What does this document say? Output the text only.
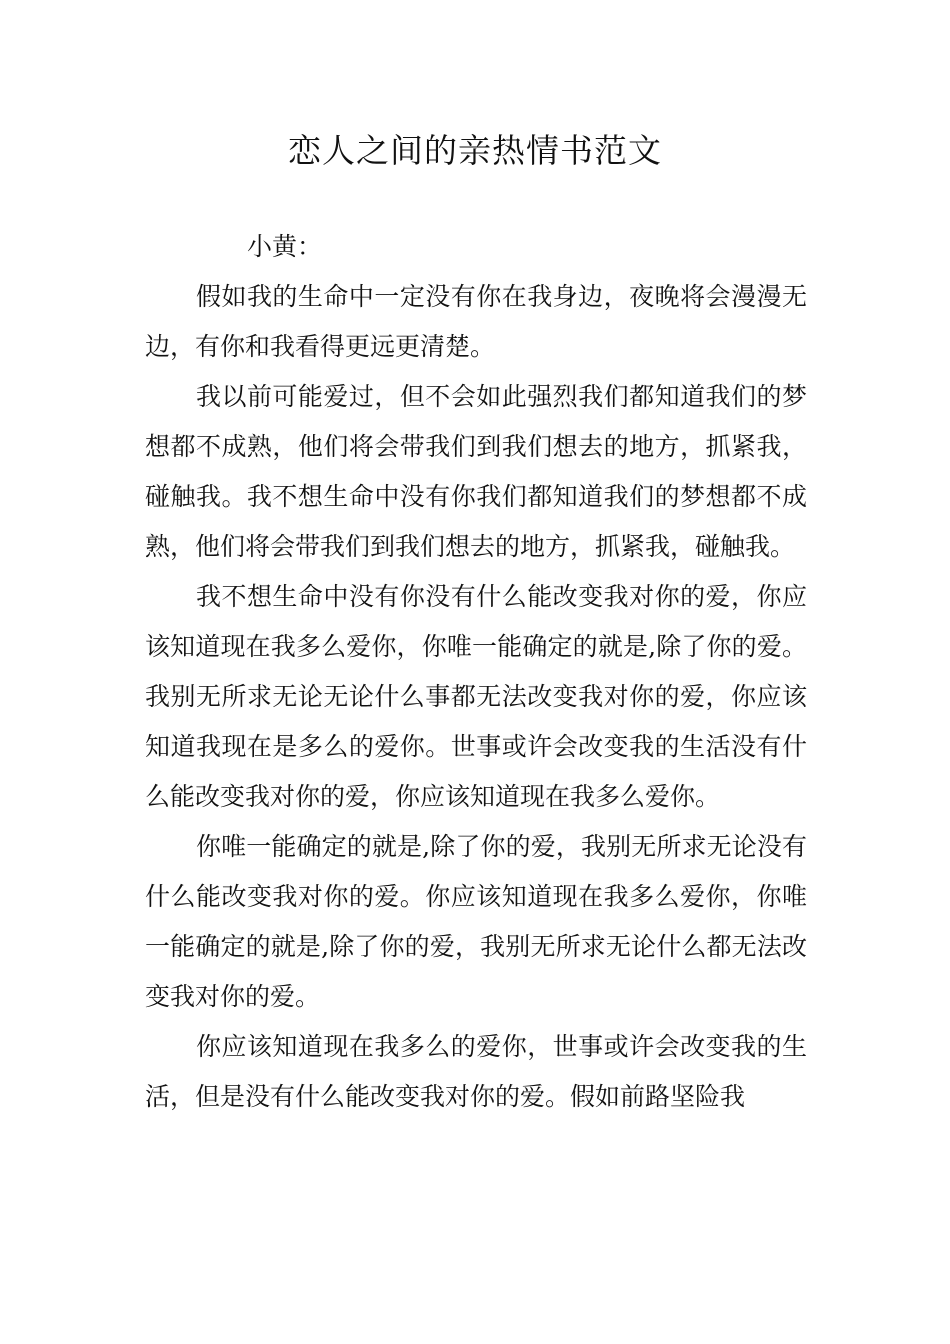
恋人之间的亲热情书范文

小黄：

假如我的生命中一定没有你在我身边，夜晚将会漫漫无边，有你和我看得更远更清楚。

我以前可能爱过，但不会如此强烈我们都知道我们的梦想都不成熟，他们将会带我们到我们想去的地方，抓紧我，碰触我。我不想生命中没有你我们都知道我们的梦想都不成熟，他们将会带我们到我们想去的地方，抓紧我，碰触我。

我不想生命中没有你没有什么能改变我对你的爱，你应该知道现在我多么爱你，你唯一能确定的就是,除了你的爱。我别无所求无论无论什么事都无法改变我对你的爱，你应该知道我现在是多么的爱你。世事或许会改变我的生活没有什么能改变我对你的爱，你应该知道现在我多么爱你。

你唯一能确定的就是,除了你的爱，我别无所求无论没有什么能改变我对你的爱。你应该知道现在我多么爱你，你唯一能确定的就是,除了你的爱，我别无所求无论什么都无法改变我对你的爱。

你应该知道现在我多么的爱你，世事或许会改变我的生活，但是没有什么能改变我对你的爱。假如前路坚险我
